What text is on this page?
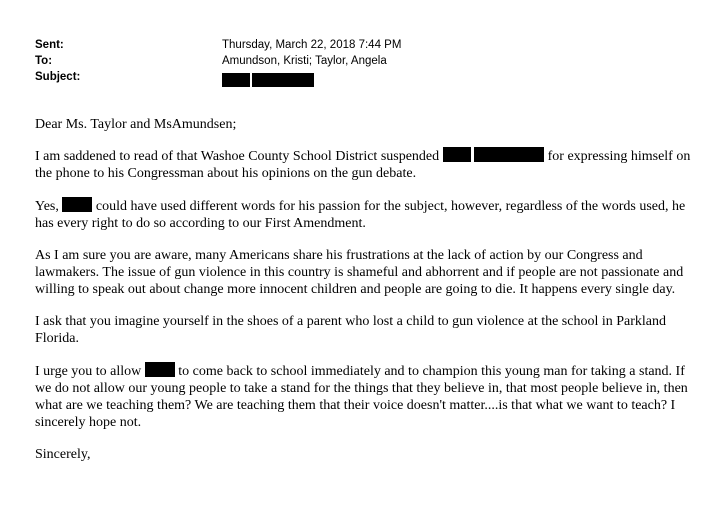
Sent:	Thursday, March 22, 2018 7:44 PM
To:	Amundson, Kristi; Taylor, Angela
Subject:

Dear Ms. Taylor and MsAmundsen;

I am saddened to read of that Washoe County School District suspended	for expressing himself on the phone to his Congressman about his opinions on the gun debate.

Yes,	could have used different words for his passion for the subject, however, regardless of the words used, he has every right to do so according to our First Amendment.

As I am sure you are aware, many Americans share his frustrations at the lack of action by our Congress and lawmakers. The issue of gun violence in this country is shameful and abhorrent and if people are not passionate and willing to speak out about change more innocent children and people are going to die. It happens every single day.

I ask that you imagine yourself in the shoes of a parent who lost a child to gun violence at the school in Parkland Florida.

I urge you to allow	to come back to school immediately and to champion this young man for taking a stand. If we do not allow our young people to take a stand for the things that they believe in, that most people believe in, then what are we teaching them? We are teaching them that their voice doesn't matter....is that what we want to teach? I sincerely hope not.

Sincerely,
